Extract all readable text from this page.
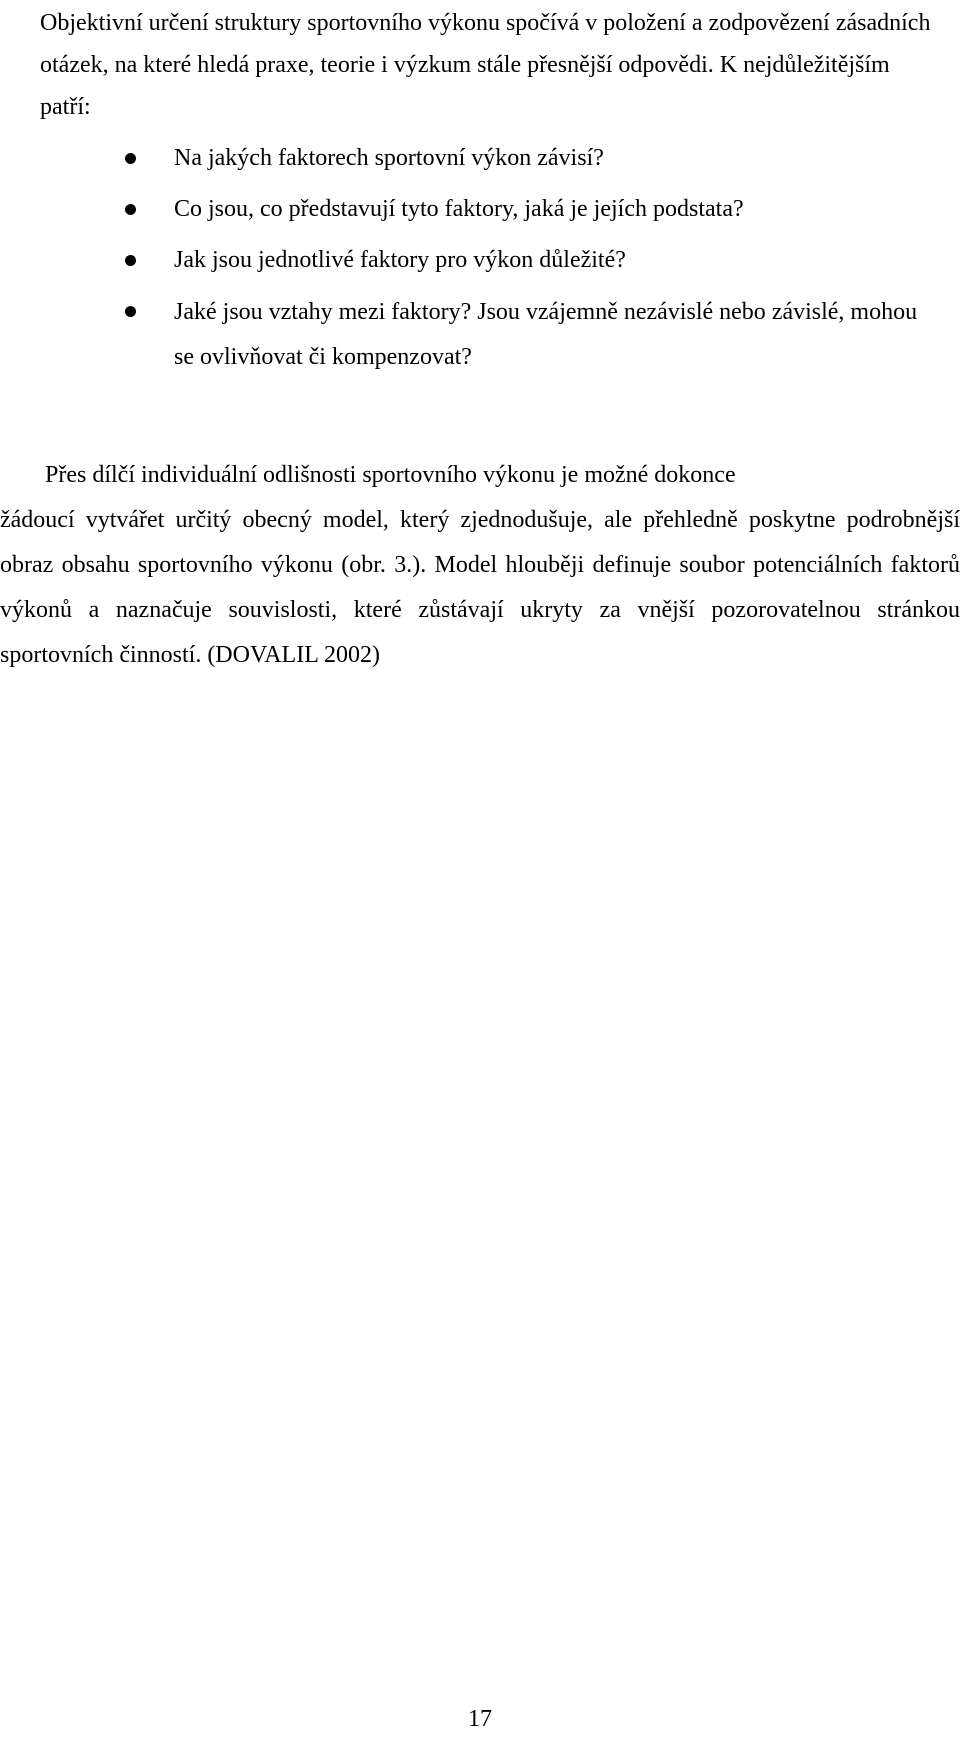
Objektivní určení struktury sportovního výkonu spočívá v položení a zodpovězení zásadních otázek, na které hledá praxe, teorie i výzkum stále přesnější odpovědi. K nejdůležitějším patří:

Na jakých faktorech sportovní výkon závisí?
Co jsou, co představují tyto faktory, jaká je jejích podstata?
Jak jsou jednotlivé faktory pro výkon důležité?
Jaké jsou vztahy mezi faktory? Jsou vzájemně nezávislé nebo závislé, mohou se ovlivňovat či kompenzovat?

Přes dílčí individuální odlišnosti sportovního výkonu je možné dokonce
žádoucí vytvářet určitý obecný model, který zjednodušuje, ale přehledně poskytne podrobnější obraz obsahu sportovního výkonu (obr. 3.). Model hlouběji definuje soubor potenciálních faktorů výkonů a naznačuje souvislosti, které zůstávají ukryty za vnější pozorovatelnou stránkou sportovních činností. (DOVALIL 2002)

17
